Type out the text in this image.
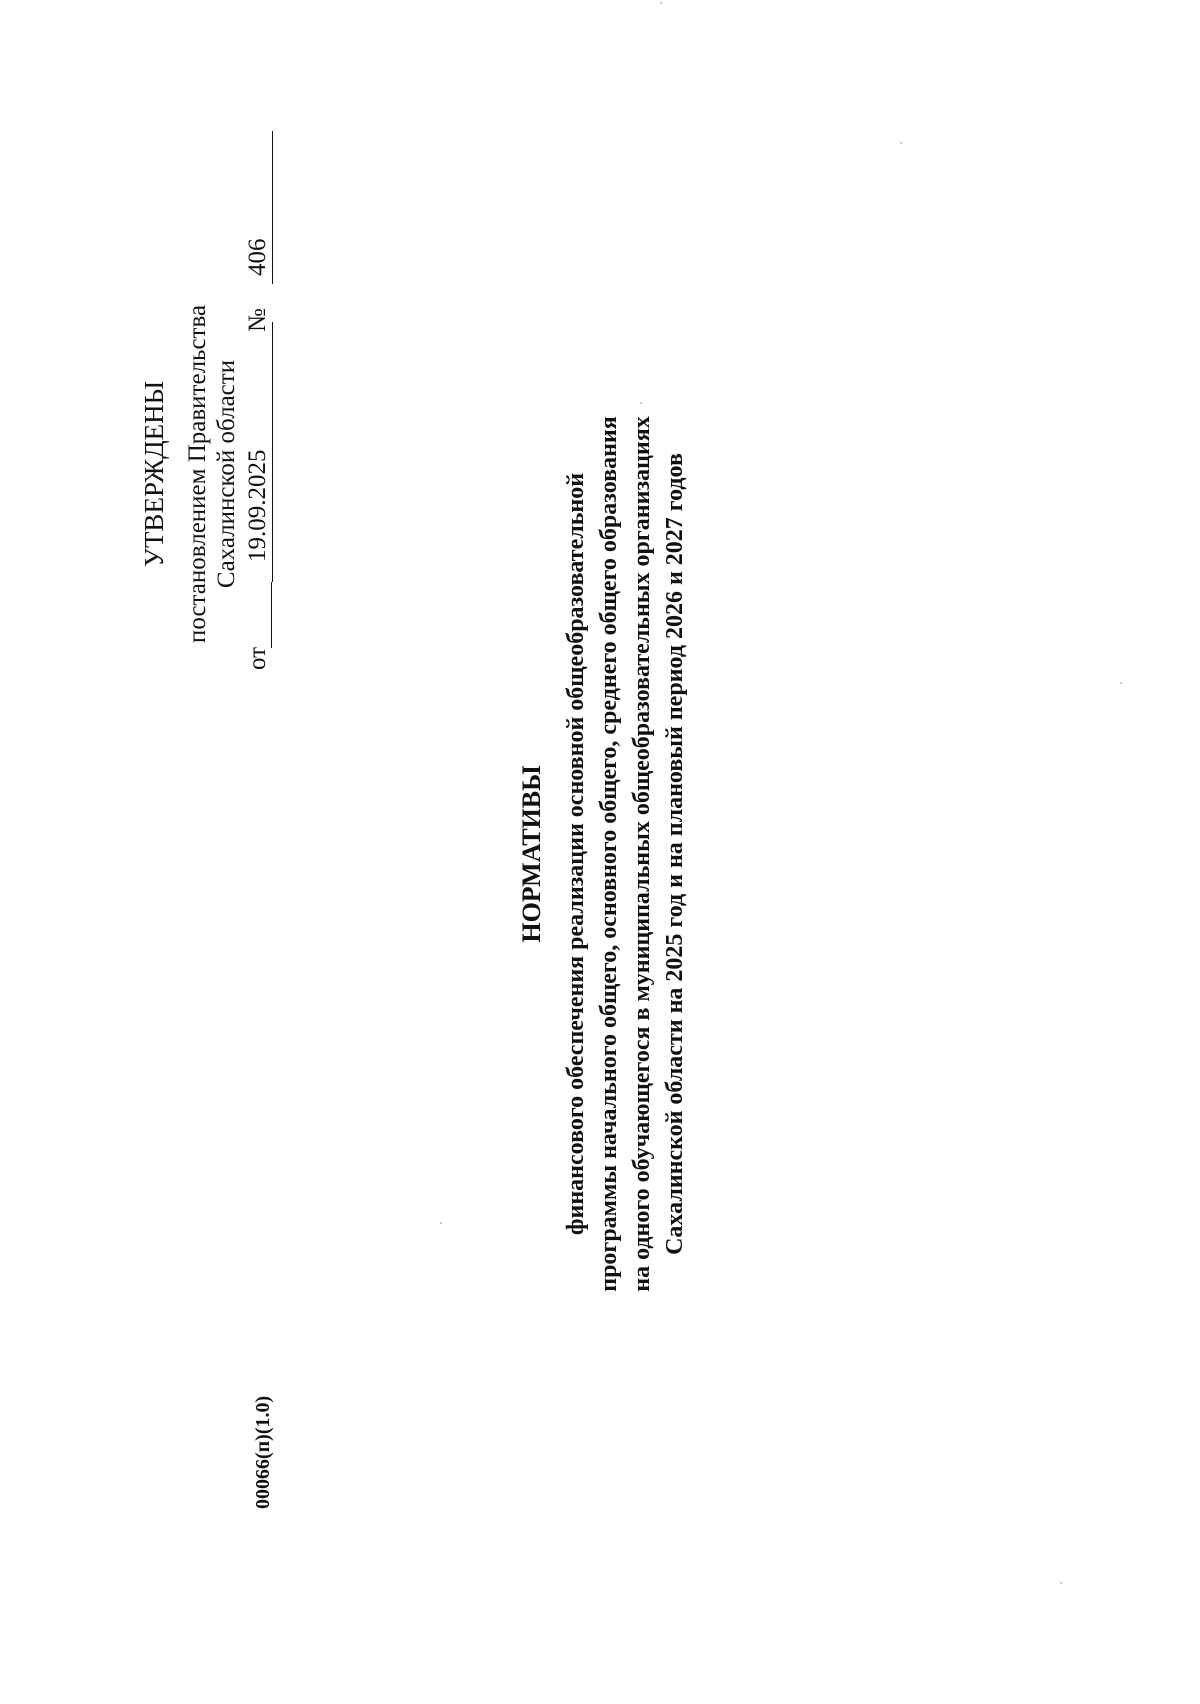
УТВЕРЖДЕНЫ постановлением Правительства Сахалинской области
от
19.09.2025
№
406
НОРМАТИВЫ финансового обеспечения реализации основной общеобразовательной программы начального общего, основного общего, среднего общего образования на одного обучающегося в муниципальных общеобразовательных организациях Сахалинской области на 2025 год и на плановый период 2026 и 2027 годов
00066(п)(1.0)
